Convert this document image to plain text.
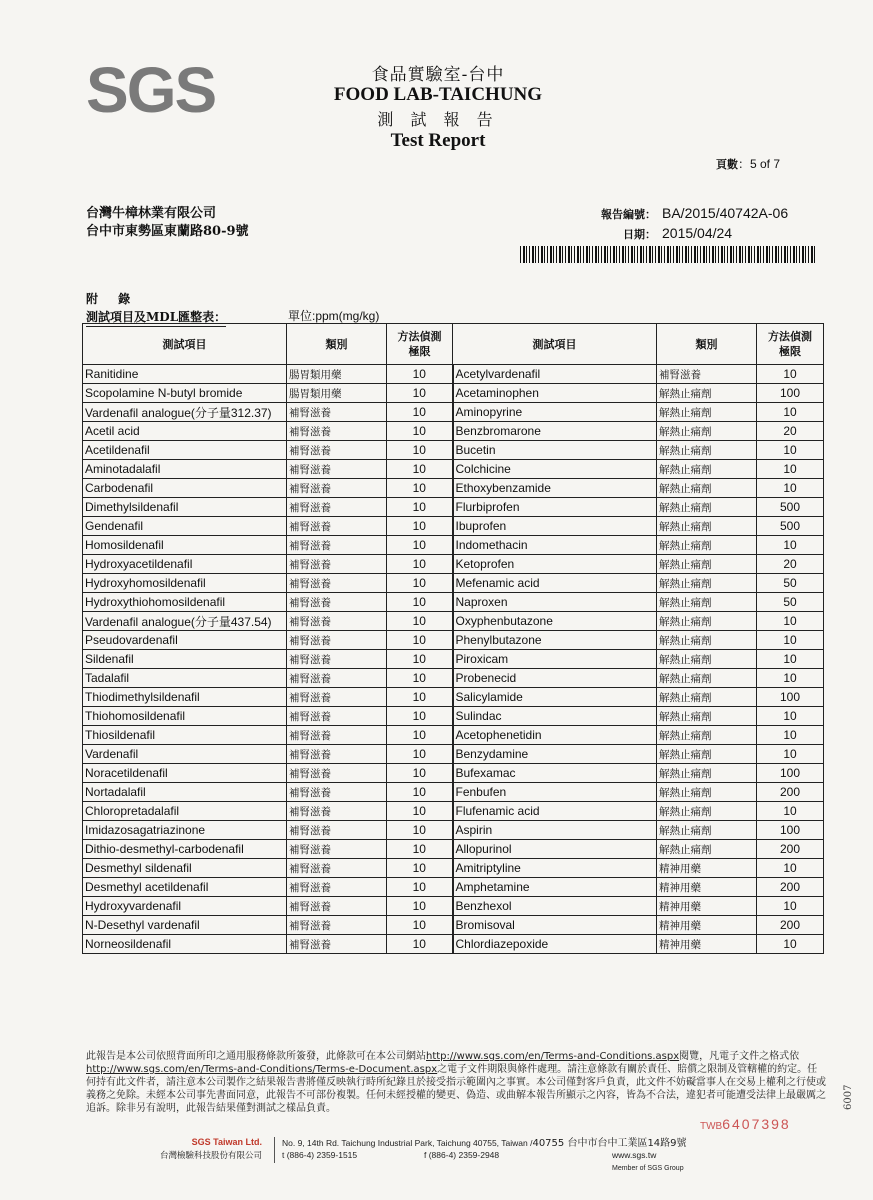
SGS	食品實驗室-台中
FOOD LAB-TAICHUNG
測 試 報 告
Test Report
頁數：5 of 7
台灣牛樟林業有限公司
台中市東勢區東蘭路80-9號
報告編號： BA/2015/40742A-06
日期： 2015/04/24
附 錄
測試項目及MDL匯整表：	單位:ppm(mg/kg)
測試項目	類別	方法偵測
極限	測試項目	類別	方法偵測
極限
Ranitidine	腸胃類用藥	10	Acetylvardenafil	補腎滋養	10
Scopolamine N-butyl bromide	腸胃類用藥	10	Acetaminophen	解熱止痛劑	100
Vardenafil analogue(分子量312.37)	補腎滋養	10	Aminopyrine	解熱止痛劑	10
Acetil acid	補腎滋養	10	Benzbromarone	解熱止痛劑	20
Acetildenafil	補腎滋養	10	Bucetin	解熱止痛劑	10
Aminotadalafil	補腎滋養	10	Colchicine	解熱止痛劑	10
Carbodenafil	補腎滋養	10	Ethoxybenzamide	解熱止痛劑	10
Dimethylsildenafil	補腎滋養	10	Flurbiprofen	解熱止痛劑	500
Gendenafil	補腎滋養	10	Ibuprofen	解熱止痛劑	500
Homosildenafil	補腎滋養	10	Indomethacin	解熱止痛劑	10
Hydroxyacetildenafil	補腎滋養	10	Ketoprofen	解熱止痛劑	20
Hydroxyhomosildenafil	補腎滋養	10	Mefenamic acid	解熱止痛劑	50
Hydroxythiohomosildenafil	補腎滋養	10	Naproxen	解熱止痛劑	50
Vardenafil analogue(分子量437.54)	補腎滋養	10	Oxyphenbutazone	解熱止痛劑	10
Pseudovardenafil	補腎滋養	10	Phenylbutazone	解熱止痛劑	10
Sildenafil	補腎滋養	10	Piroxicam	解熱止痛劑	10
Tadalafil	補腎滋養	10	Probenecid	解熱止痛劑	10
Thiodimethylsildenafil	補腎滋養	10	Salicylamide	解熱止痛劑	100
Thiohomosildenafil	補腎滋養	10	Sulindac	解熱止痛劑	10
Thiosildenafil	補腎滋養	10	Acetophenetidin	解熱止痛劑	10
Vardenafil	補腎滋養	10	Benzydamine	解熱止痛劑	10
Noracetildenafil	補腎滋養	10	Bufexamac	解熱止痛劑	100
Nortadalafil	補腎滋養	10	Fenbufen	解熱止痛劑	200
Chloropretadalafil	補腎滋養	10	Flufenamic acid	解熱止痛劑	10
Imidazosagatriazinone	補腎滋養	10	Aspirin	解熱止痛劑	100
Dithio-desmethyl-carbodenafil	補腎滋養	10	Allopurinol	解熱止痛劑	200
Desmethyl sildenafil	補腎滋養	10	Amitriptyline	精神用藥	10
Desmethyl acetildenafil	補腎滋養	10	Amphetamine	精神用藥	200
Hydroxyvardenafil	補腎滋養	10	Benzhexol	精神用藥	10
N-Desethyl vardenafil	補腎滋養	10	Bromisoval	精神用藥	200
Norneosildenafil	補腎滋養	10	Chlordiazepoxide	精神用藥	10
此報告是本公司依照背面所印之通用服務條款所簽發，此條款可在本公司網站http://www.sgs.com/en/Terms-and-Conditions.aspx閱覽，凡電子文件之格式依http://www.sgs.com/en/Terms-and-Conditions/Terms-e-Document.aspx之電子文件期限與條件處理。請注意條款有關於責任、賠償之限制及管轄權的約定。任何持有此文件者，請注意本公司製作之結果報告書將僅反映執行時所紀錄且於接受指示範圍內之事實。本公司僅對客戶負責，此文件不妨礙當事人在交易上權利之行使或義務之免除。未經本公司事先書面同意，此報告不可部份複製。任何未經授權的變更、偽造、或曲解本報告所顯示之內容，皆為不合法，違犯者可能遭受法律上最嚴厲之追訴。除非另有說明，此報告結果僅對測試之樣品負責。
TWB6407398
6007
SGS Taiwan Ltd.
台灣檢驗科技股份有限公司
No. 9, 14th Rd. Taichung Industrial Park, Taichung 40755, Taiwan /40755 台中市台中工業區14路9號
t (886-4) 2359-1515	f (886-4) 2359-2948	www.sgs.tw
Member of SGS Group
